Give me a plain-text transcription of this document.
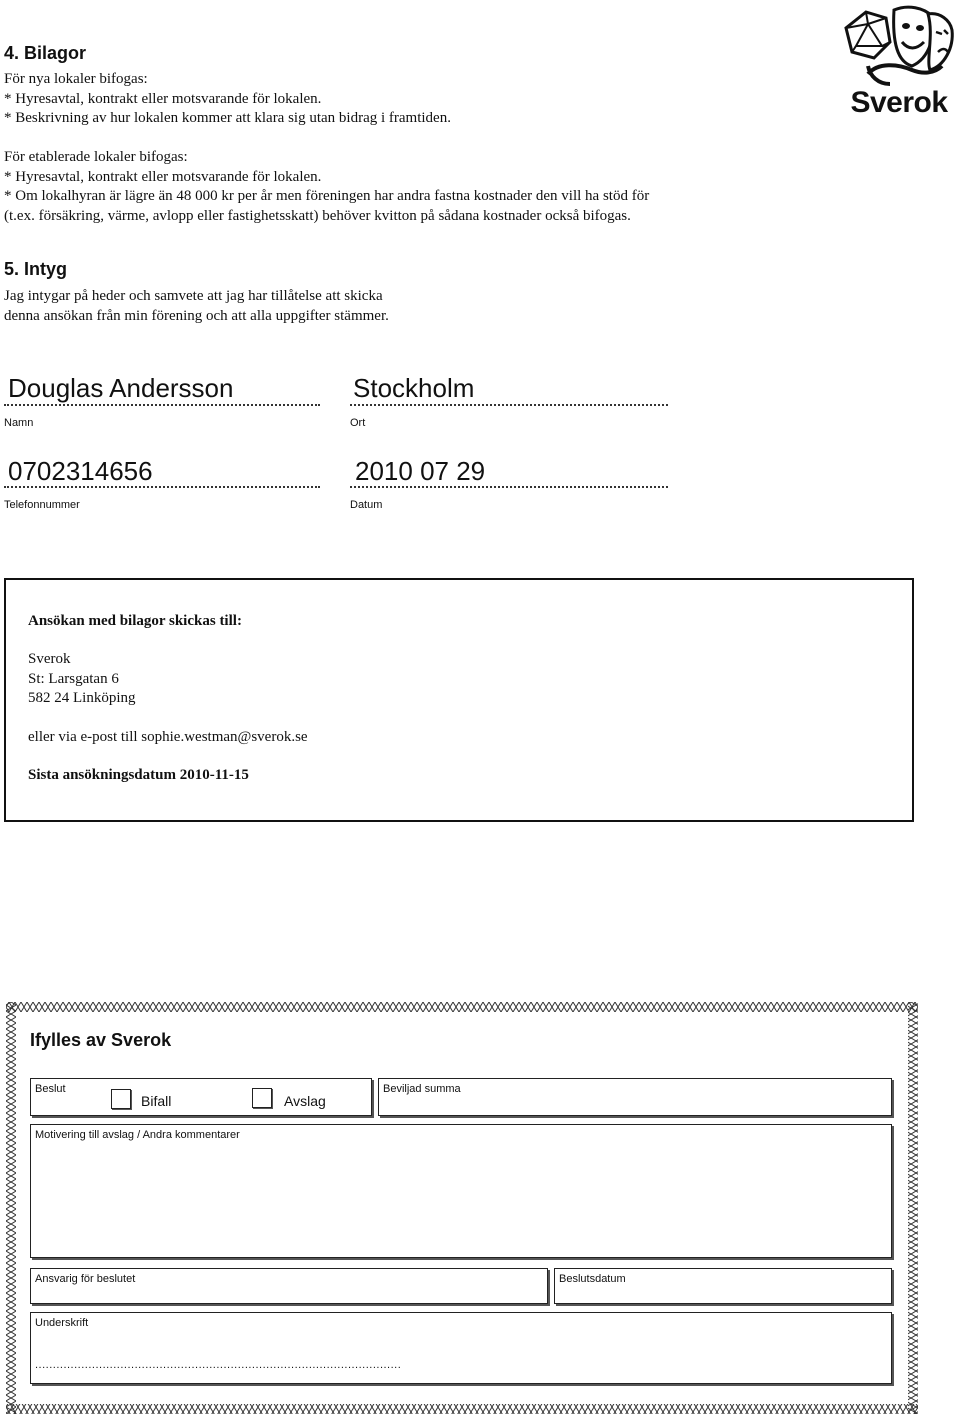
Sverok
4. Bilagor
För nya lokaler bifogas:
* Hyresavtal, kontrakt eller motsvarande för lokalen.
* Beskrivning av hur lokalen kommer att klara sig utan bidrag i framtiden.
För etablerade lokaler bifogas:
* Hyresavtal, kontrakt eller motsvarande för lokalen.
* Om lokalhyran är lägre än 48 000 kr per år men föreningen har andra fastna kostnader den vill ha stöd för
(t.ex. försäkring, värme, avlopp eller fastighetsskatt) behöver kvitton på sådana kostnader också bifogas.
5. Intyg
Jag intygar på heder och samvete att jag har tillåtelse att skicka
denna ansökan från min förening och att alla uppgifter stämmer.
Douglas Andersson
Namn
Stockholm
Ort
0702314656
Telefonnummer
2010 07 29
Datum
Ansökan med bilagor skickas till:
Sverok
St: Larsgatan 6
582 24 Linköping
eller via e-post till sophie.westman@sverok.se
Sista ansökningsdatum 2010-11-15
Ifylles av Sverok
Beslut
Bifall	Avslag
Beviljad summa
Motivering till avslag / Andra kommentarer
Ansvarig för beslutet	Beslutsdatum
Underskrift
.......................................................................................................
